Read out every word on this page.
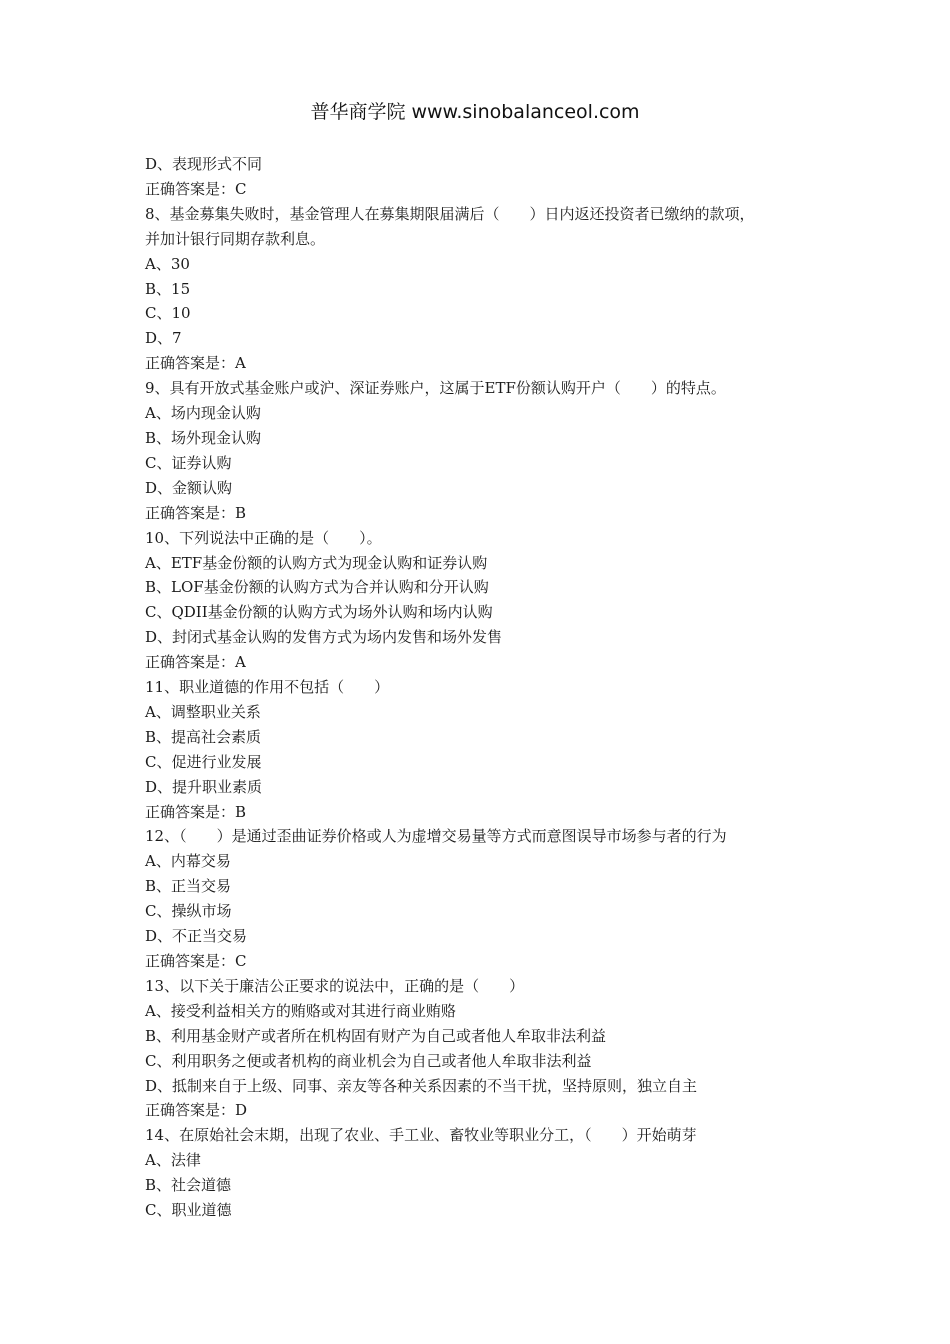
普华商学院 www.sinobalanceol.com
D、表现形式不同
正确答案是：C
8、基金募集失败时，基金管理人在募集期限届满后（　　）日内返还投资者已缴纳的款项，
并加计银行同期存款利息。
A、30
B、15
C、10
D、7
正确答案是：A
9、具有开放式基金账户或沪、深证券账户，这属于ETF份额认购开户（　　）的特点。
A、场内现金认购
B、场外现金认购
C、证券认购
D、金额认购
正确答案是：B
10、下列说法中正确的是（　　）。
A、ETF基金份额的认购方式为现金认购和证券认购
B、LOF基金份额的认购方式为合并认购和分开认购
C、QDII基金份额的认购方式为场外认购和场内认购
D、封闭式基金认购的发售方式为场内发售和场外发售
正确答案是：A
11、职业道德的作用不包括（　　）
A、调整职业关系
B、提高社会素质
C、促进行业发展
D、提升职业素质
正确答案是：B
12、（　　）是通过歪曲证券价格或人为虚增交易量等方式而意图误导市场参与者的行为
A、内幕交易
B、正当交易
C、操纵市场
D、不正当交易
正确答案是：C
13、以下关于廉洁公正要求的说法中，正确的是（　　）
A、接受利益相关方的贿赂或对其进行商业贿赂
B、利用基金财产或者所在机构固有财产为自己或者他人牟取非法利益
C、利用职务之便或者机构的商业机会为自己或者他人牟取非法利益
D、抵制来自于上级、同事、亲友等各种关系因素的不当干扰，坚持原则，独立自主
正确答案是：D
14、在原始社会末期，出现了农业、手工业、畜牧业等职业分工，（　　）开始萌芽
A、法律
B、社会道德
C、职业道德
